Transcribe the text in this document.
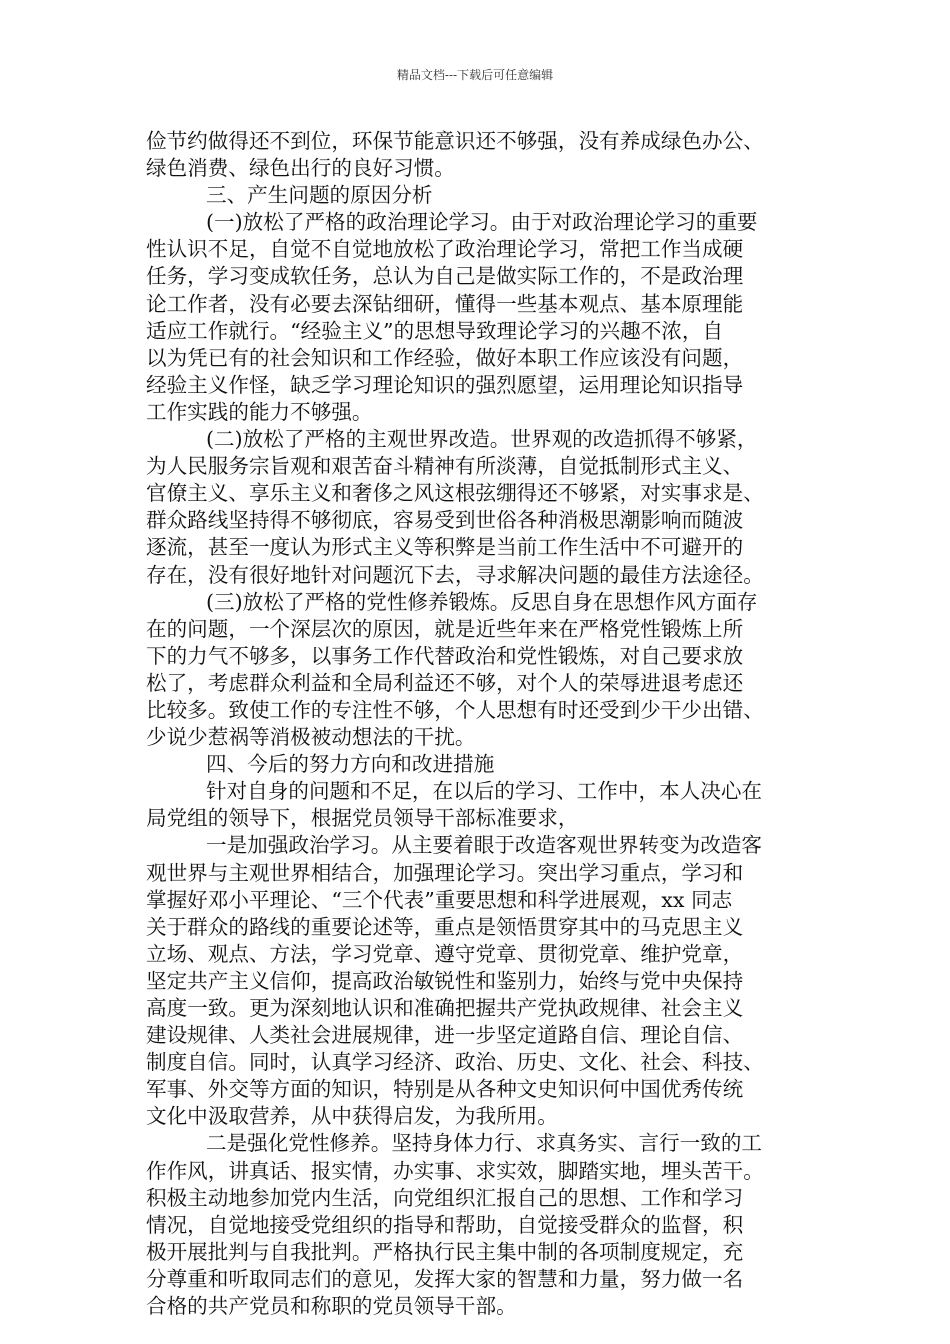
精品文档---下载后可任意编辑
俭节约做得还不到位，环保节能意识还不够强，没有养成绿色办公、
绿色消费、绿色出行的良好习惯。
三、产生问题的原因分析
(一)放松了严格的政治理论学习。由于对政治理论学习的重要
性认识不足，自觉不自觉地放松了政治理论学习，常把工作当成硬
任务，学习变成软任务，总认为自己是做实际工作的，不是政治理
论工作者，没有必要去深钻细研，懂得一些基本观点、基本原理能
适应工作就行。“经验主义”的思想导致理论学习的兴趣不浓，自
以为凭已有的社会知识和工作经验，做好本职工作应该没有问题，
经验主义作怪，缺乏学习理论知识的强烈愿望，运用理论知识指导
工作实践的能力不够强。
(二)放松了严格的主观世界改造。世界观的改造抓得不够紧，
为人民服务宗旨观和艰苦奋斗精神有所淡薄，自觉抵制形式主义、
官僚主义、享乐主义和奢侈之风这根弦绷得还不够紧，对实事求是、
群众路线坚持得不够彻底，容易受到世俗各种消极思潮影响而随波
逐流，甚至一度认为形式主义等积弊是当前工作生活中不可避开的
存在，没有很好地针对问题沉下去，寻求解决问题的最佳方法途径。
(三)放松了严格的党性修养锻炼。反思自身在思想作风方面存
在的问题，一个深层次的原因，就是近些年来在严格党性锻炼上所
下的力气不够多，以事务工作代替政治和党性锻炼，对自己要求放
松了，考虑群众利益和全局利益还不够，对个人的荣辱进退考虑还
比较多。致使工作的专注性不够，个人思想有时还受到少干少出错、
少说少惹祸等消极被动想法的干扰。
四、今后的努力方向和改进措施
针对自身的问题和不足，在以后的学习、工作中，本人决心在
局党组的领导下，根据党员领导干部标准要求，
一是加强政治学习。从主要着眼于改造客观世界转变为改造客
观世界与主观世界相结合，加强理论学习。突出学习重点，学习和
掌握好邓小平理论、“三个代表”重要思想和科学进展观，xx 同志
关于群众的路线的重要论述等，重点是领悟贯穿其中的马克思主义
立场、观点、方法，学习党章、遵守党章、贯彻党章、维护党章，
坚定共产主义信仰，提高政治敏锐性和鉴别力，始终与党中央保持
高度一致。更为深刻地认识和准确把握共产党执政规律、社会主义
建设规律、人类社会进展规律，进一步坚定道路自信、理论自信、
制度自信。同时，认真学习经济、政治、历史、文化、社会、科技、
军事、外交等方面的知识，特别是从各种文史知识何中国优秀传统
文化中汲取营养，从中获得启发，为我所用。
二是强化党性修养。坚持身体力行、求真务实、言行一致的工
作作风，讲真话、报实情，办实事、求实效，脚踏实地，埋头苦干。
积极主动地参加党内生活，向党组织汇报自己的思想、工作和学习
情况，自觉地接受党组织的指导和帮助，自觉接受群众的监督，积
极开展批判与自我批判。严格执行民主集中制的各项制度规定，充
分尊重和听取同志们的意见，发挥大家的智慧和力量，努力做一名
合格的共产党员和称职的党员领导干部。
